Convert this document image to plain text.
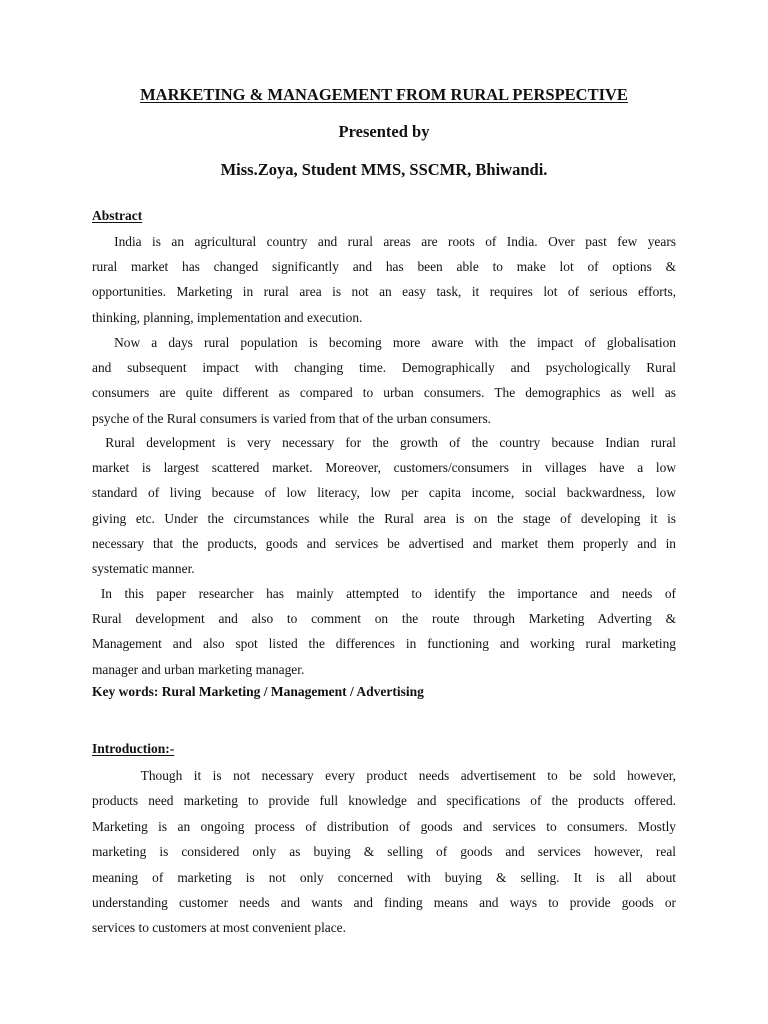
MARKETING & MANAGEMENT FROM RURAL PERSPECTIVE
Presented by
Miss.Zoya, Student MMS, SSCMR, Bhiwandi.
Abstract
India is an agricultural country and rural areas are roots of India. Over past few years
rural market has changed significantly and has been able to make lot of options &
opportunities. Marketing in rural area is not an easy task, it requires lot of serious efforts,
thinking, planning, implementation and execution.
Now a days rural population is becoming more aware with the impact of globalisation
and subsequent impact with changing time. Demographically and psychologically Rural
consumers are quite different as compared to urban consumers. The demographics as well as
psyche of the Rural consumers is varied from that of the urban consumers.
Rural development is very necessary for the growth of the country because Indian rural
market is largest scattered market. Moreover, customers/consumers in villages have a low
standard of living because of low literacy, low per capita income, social backwardness, low
giving etc. Under the circumstances while the Rural area is on the stage of developing it is
necessary that the products, goods and services be advertised and market them properly and in
systematic manner.
In this paper researcher has mainly attempted to identify the importance and needs of
Rural development and also to comment on the route through Marketing Adverting &
Management and also spot listed the differences in functioning and working rural marketing
manager and urban marketing manager.
Key words: Rural Marketing / Management / Advertising
Introduction:-
Though it is not necessary every product needs advertisement to be sold however,
products need marketing to provide full knowledge and specifications of the products offered.
Marketing is an ongoing process of distribution of goods and services to consumers. Mostly
marketing is considered only as buying & selling of goods and services however, real
meaning of marketing is not only concerned with buying & selling. It is all about
understanding customer needs and wants and finding means and ways to provide goods or
services to customers at most convenient place.
